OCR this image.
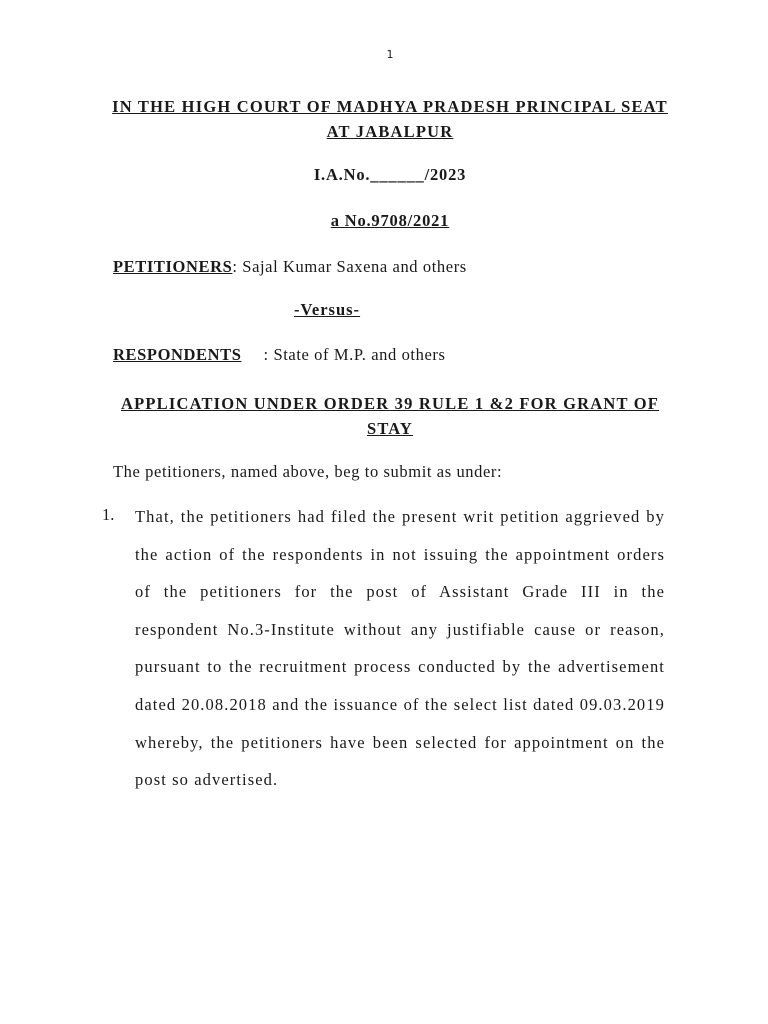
1
IN THE HIGH COURT OF MADHYA PRADESH PRINCIPAL SEAT AT JABALPUR
I.A.No.______/2023
a No.9708/2021
PETITIONERS: Sajal Kumar Saxena and others
-Versus-
RESPONDENTS : State of M.P. and others
APPLICATION UNDER ORDER 39 RULE 1 &2 FOR GRANT OF STAY
The petitioners, named above, beg to submit as under:
1. That, the petitioners had filed the present writ petition aggrieved by the action of the respondents in not issuing the appointment orders of the petitioners for the post of Assistant Grade III in the respondent No.3-Institute without any justifiable cause or reason, pursuant to the recruitment process conducted by the advertisement dated 20.08.2018 and the issuance of the select list dated 09.03.2019 whereby, the petitioners have been selected for appointment on the post so advertised.
